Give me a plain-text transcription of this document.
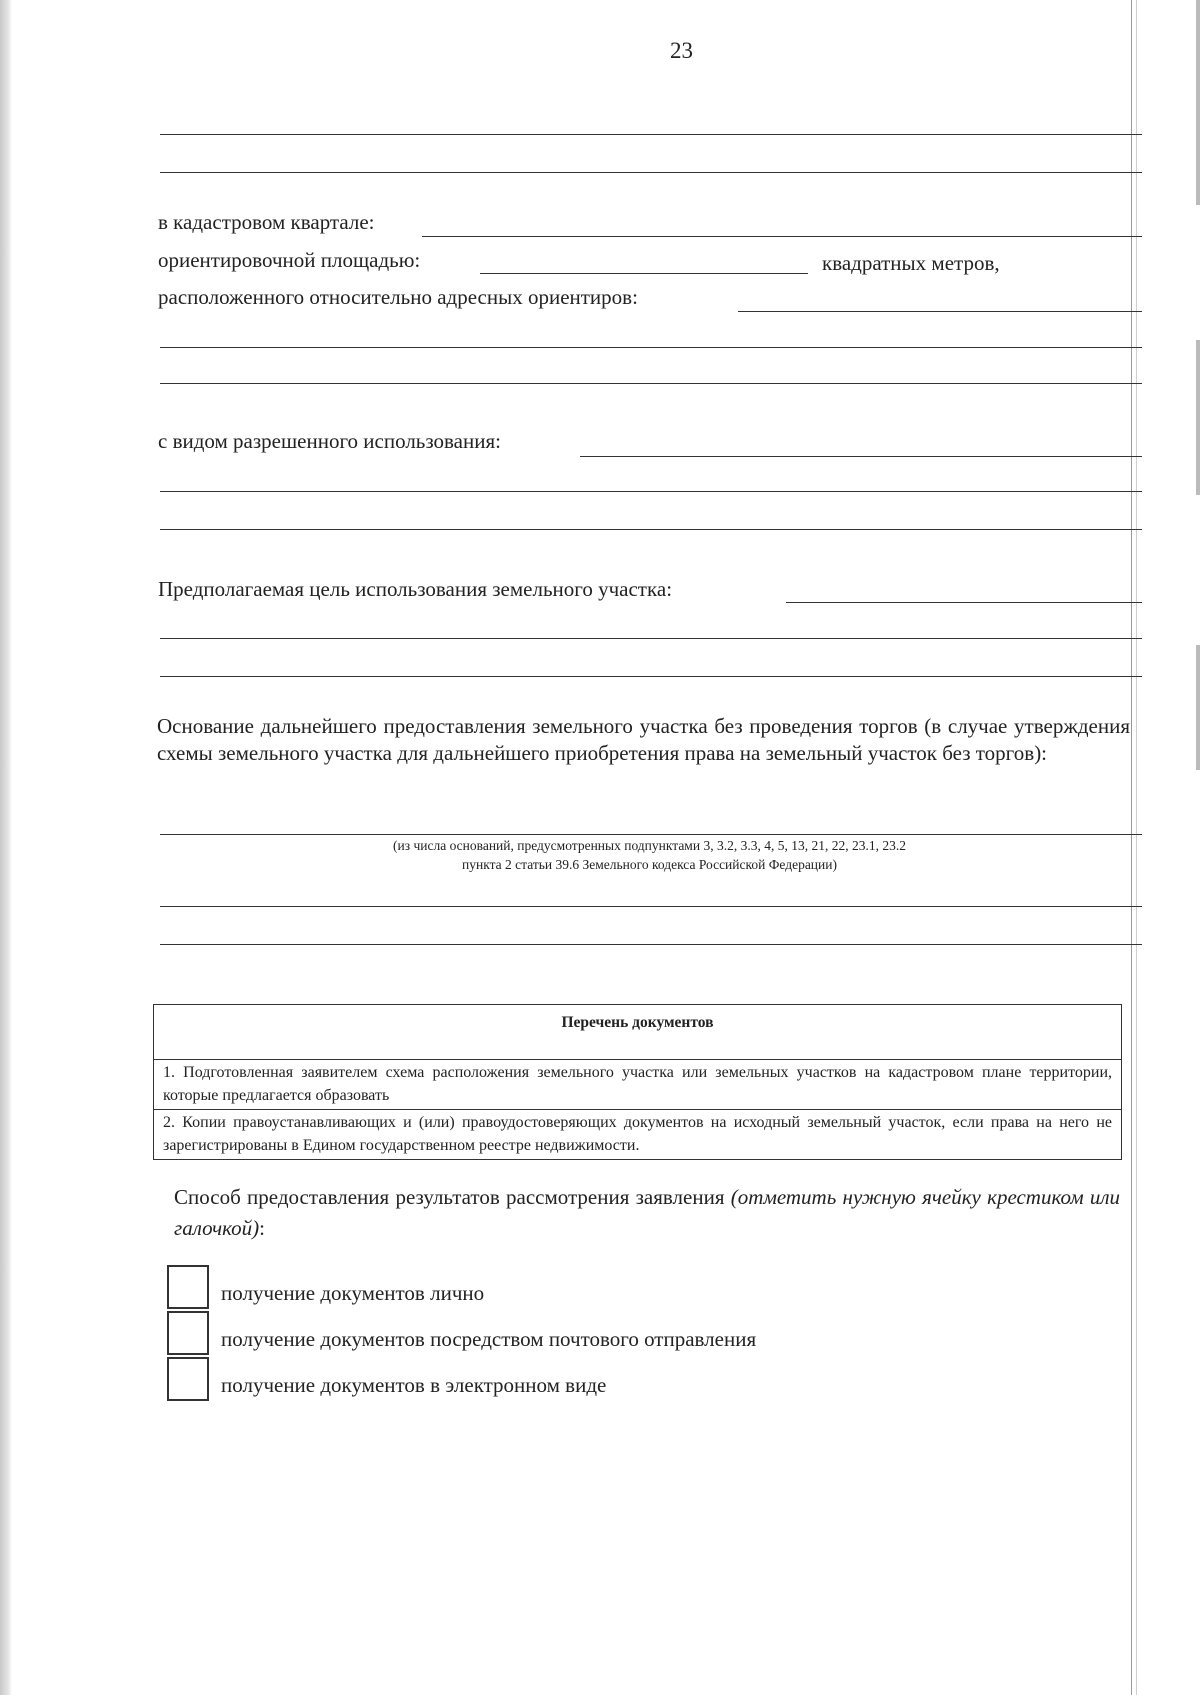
23
в кадастровом квартале:
ориентировочной площадью:	квадратных метров,
расположенного относительно адресных ориентиров:
с видом разрешенного использования:
Предполагаемая цель использования земельного участка:
Основание дальнейшего предоставления земельного участка без проведения торгов (в случае утверждения схемы земельного участка для дальнейшего приобретения права на земельный участок без торгов):
(из числа оснований, предусмотренных подпунктами 3, 3.2, 3.3, 4, 5, 13, 21, 22, 23.1, 23.2
пункта 2 статьи 39.6 Земельного кодекса Российской Федерации)
Перечень документов
1. Подготовленная заявителем схема расположения земельного участка или земельных участков на кадастровом плане территории, которые предлагается образовать
2. Копии правоустанавливающих и (или) правоудостоверяющих документов на исходный земельный участок, если права на него не зарегистрированы в Едином государственном реестре недвижимости.
Способ предоставления результатов рассмотрения заявления (отметить нужную ячейку крестиком или галочкой):
получение документов лично
получение документов посредством почтового отправления
получение документов в электронном виде
